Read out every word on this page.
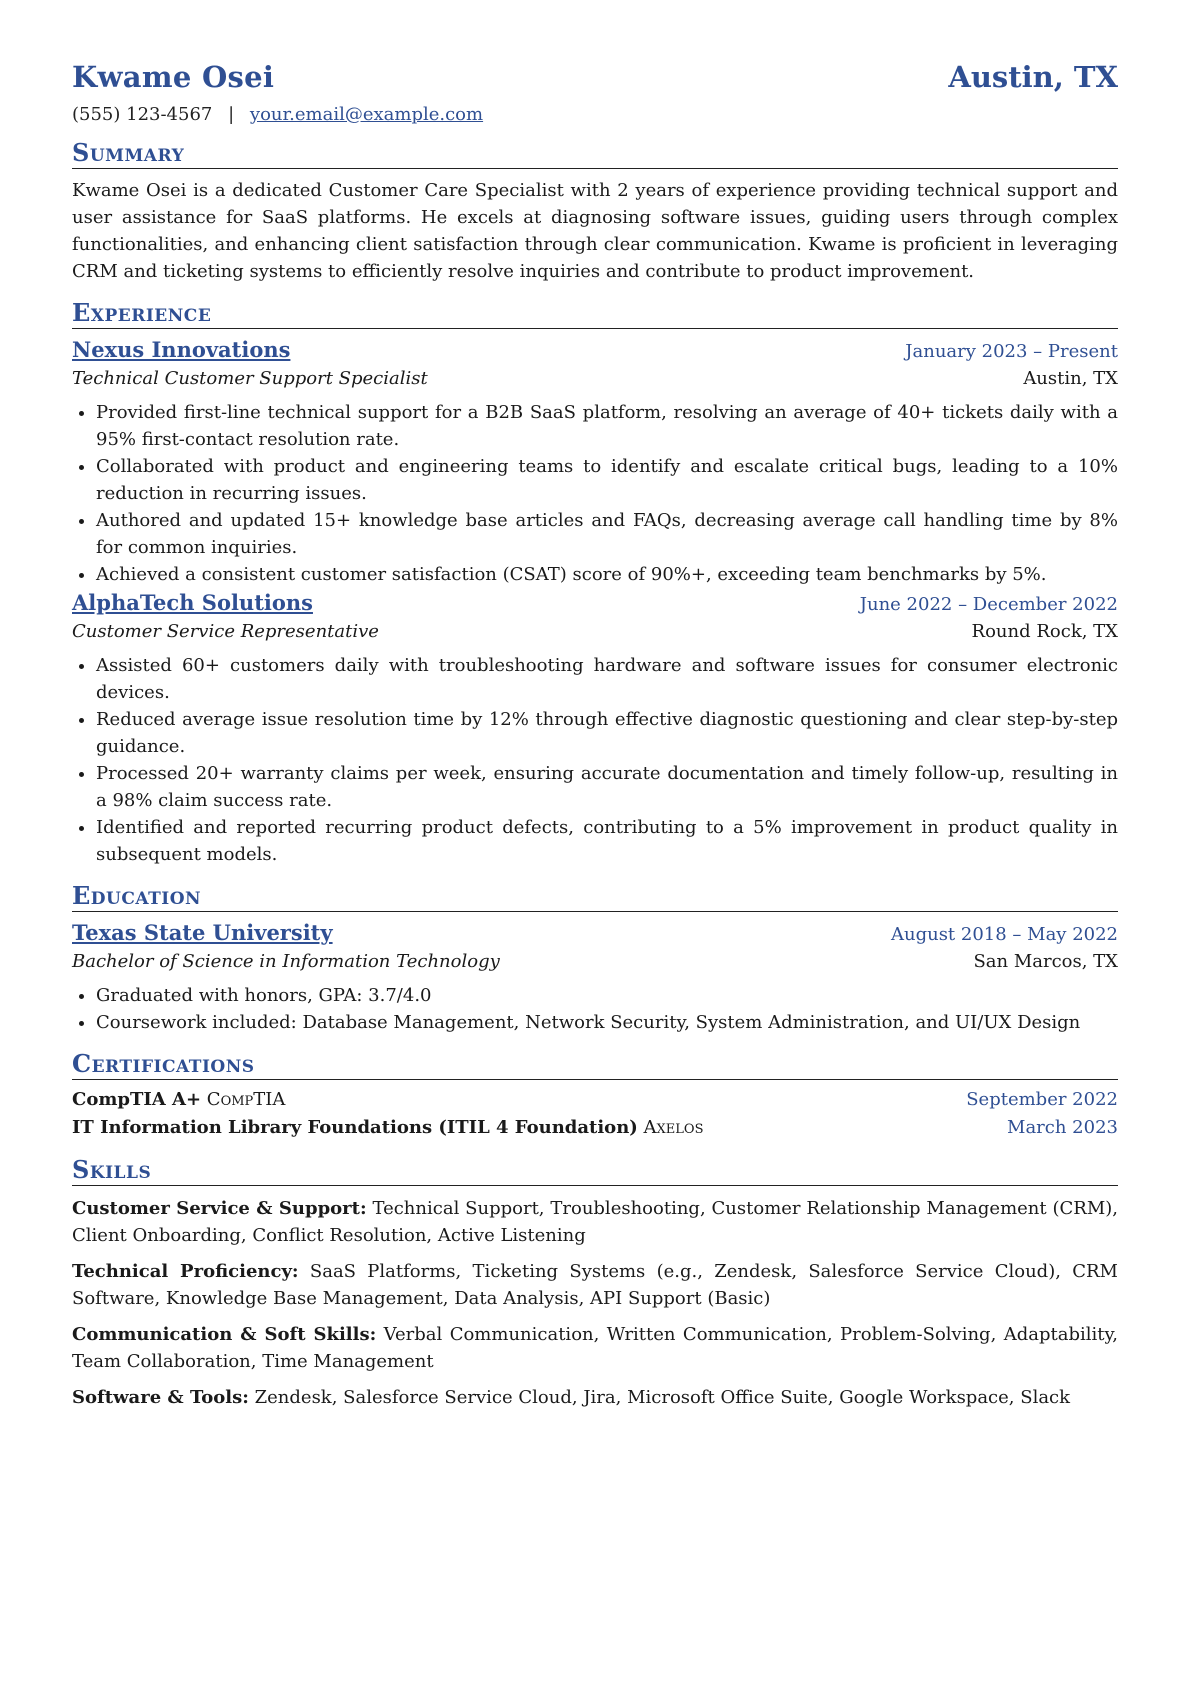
Kwame Osei	Austin, TX
(555) 123-4567 | your.email@example.com
Summary
Kwame Osei is a dedicated Customer Care Specialist with 2 years of experience providing technical support and user assistance for SaaS platforms. He excels at diagnosing software issues, guiding users through complex functionalities, and enhancing client satisfaction through clear communication. Kwame is proficient in leveraging CRM and ticketing systems to efficiently resolve inquiries and contribute to product improvement.
Experience
Nexus Innovations	January 2023 – Present
Technical Customer Support Specialist	Austin, TX
• Provided first-line technical support for a B2B SaaS platform, resolving an average of 40+ tickets daily with a 95% first-contact resolution rate.
• Collaborated with product and engineering teams to identify and escalate critical bugs, leading to a 10% reduction in recurring issues.
• Authored and updated 15+ knowledge base articles and FAQs, decreasing average call handling time by 8% for common inquiries.
• Achieved a consistent customer satisfaction (CSAT) score of 90%+, exceeding team benchmarks by 5%.
AlphaTech Solutions	June 2022 – December 2022
Customer Service Representative	Round Rock, TX
• Assisted 60+ customers daily with troubleshooting hardware and software issues for consumer electronic devices.
• Reduced average issue resolution time by 12% through effective diagnostic questioning and clear step-by-step guidance.
• Processed 20+ warranty claims per week, ensuring accurate documentation and timely follow-up, resulting in a 98% claim success rate.
• Identified and reported recurring product defects, contributing to a 5% improvement in product quality in subsequent models.
Education
Texas State University	August 2018 – May 2022
Bachelor of Science in Information Technology	San Marcos, TX
• Graduated with honors, GPA: 3.7/4.0
• Coursework included: Database Management, Network Security, System Administration, and UI/UX Design
Certifications
CompTIA A+ CompTIA	September 2022
IT Information Library Foundations (ITIL 4 Foundation) Axelos	March 2023
Skills
Customer Service & Support: Technical Support, Troubleshooting, Customer Relationship Management (CRM), Client Onboarding, Conflict Resolution, Active Listening
Technical Proficiency: SaaS Platforms, Ticketing Systems (e.g., Zendesk, Salesforce Service Cloud), CRM Software, Knowledge Base Management, Data Analysis, API Support (Basic)
Communication & Soft Skills: Verbal Communication, Written Communication, Problem-Solving, Adaptability, Team Collaboration, Time Management
Software & Tools: Zendesk, Salesforce Service Cloud, Jira, Microsoft Office Suite, Google Workspace, Slack
